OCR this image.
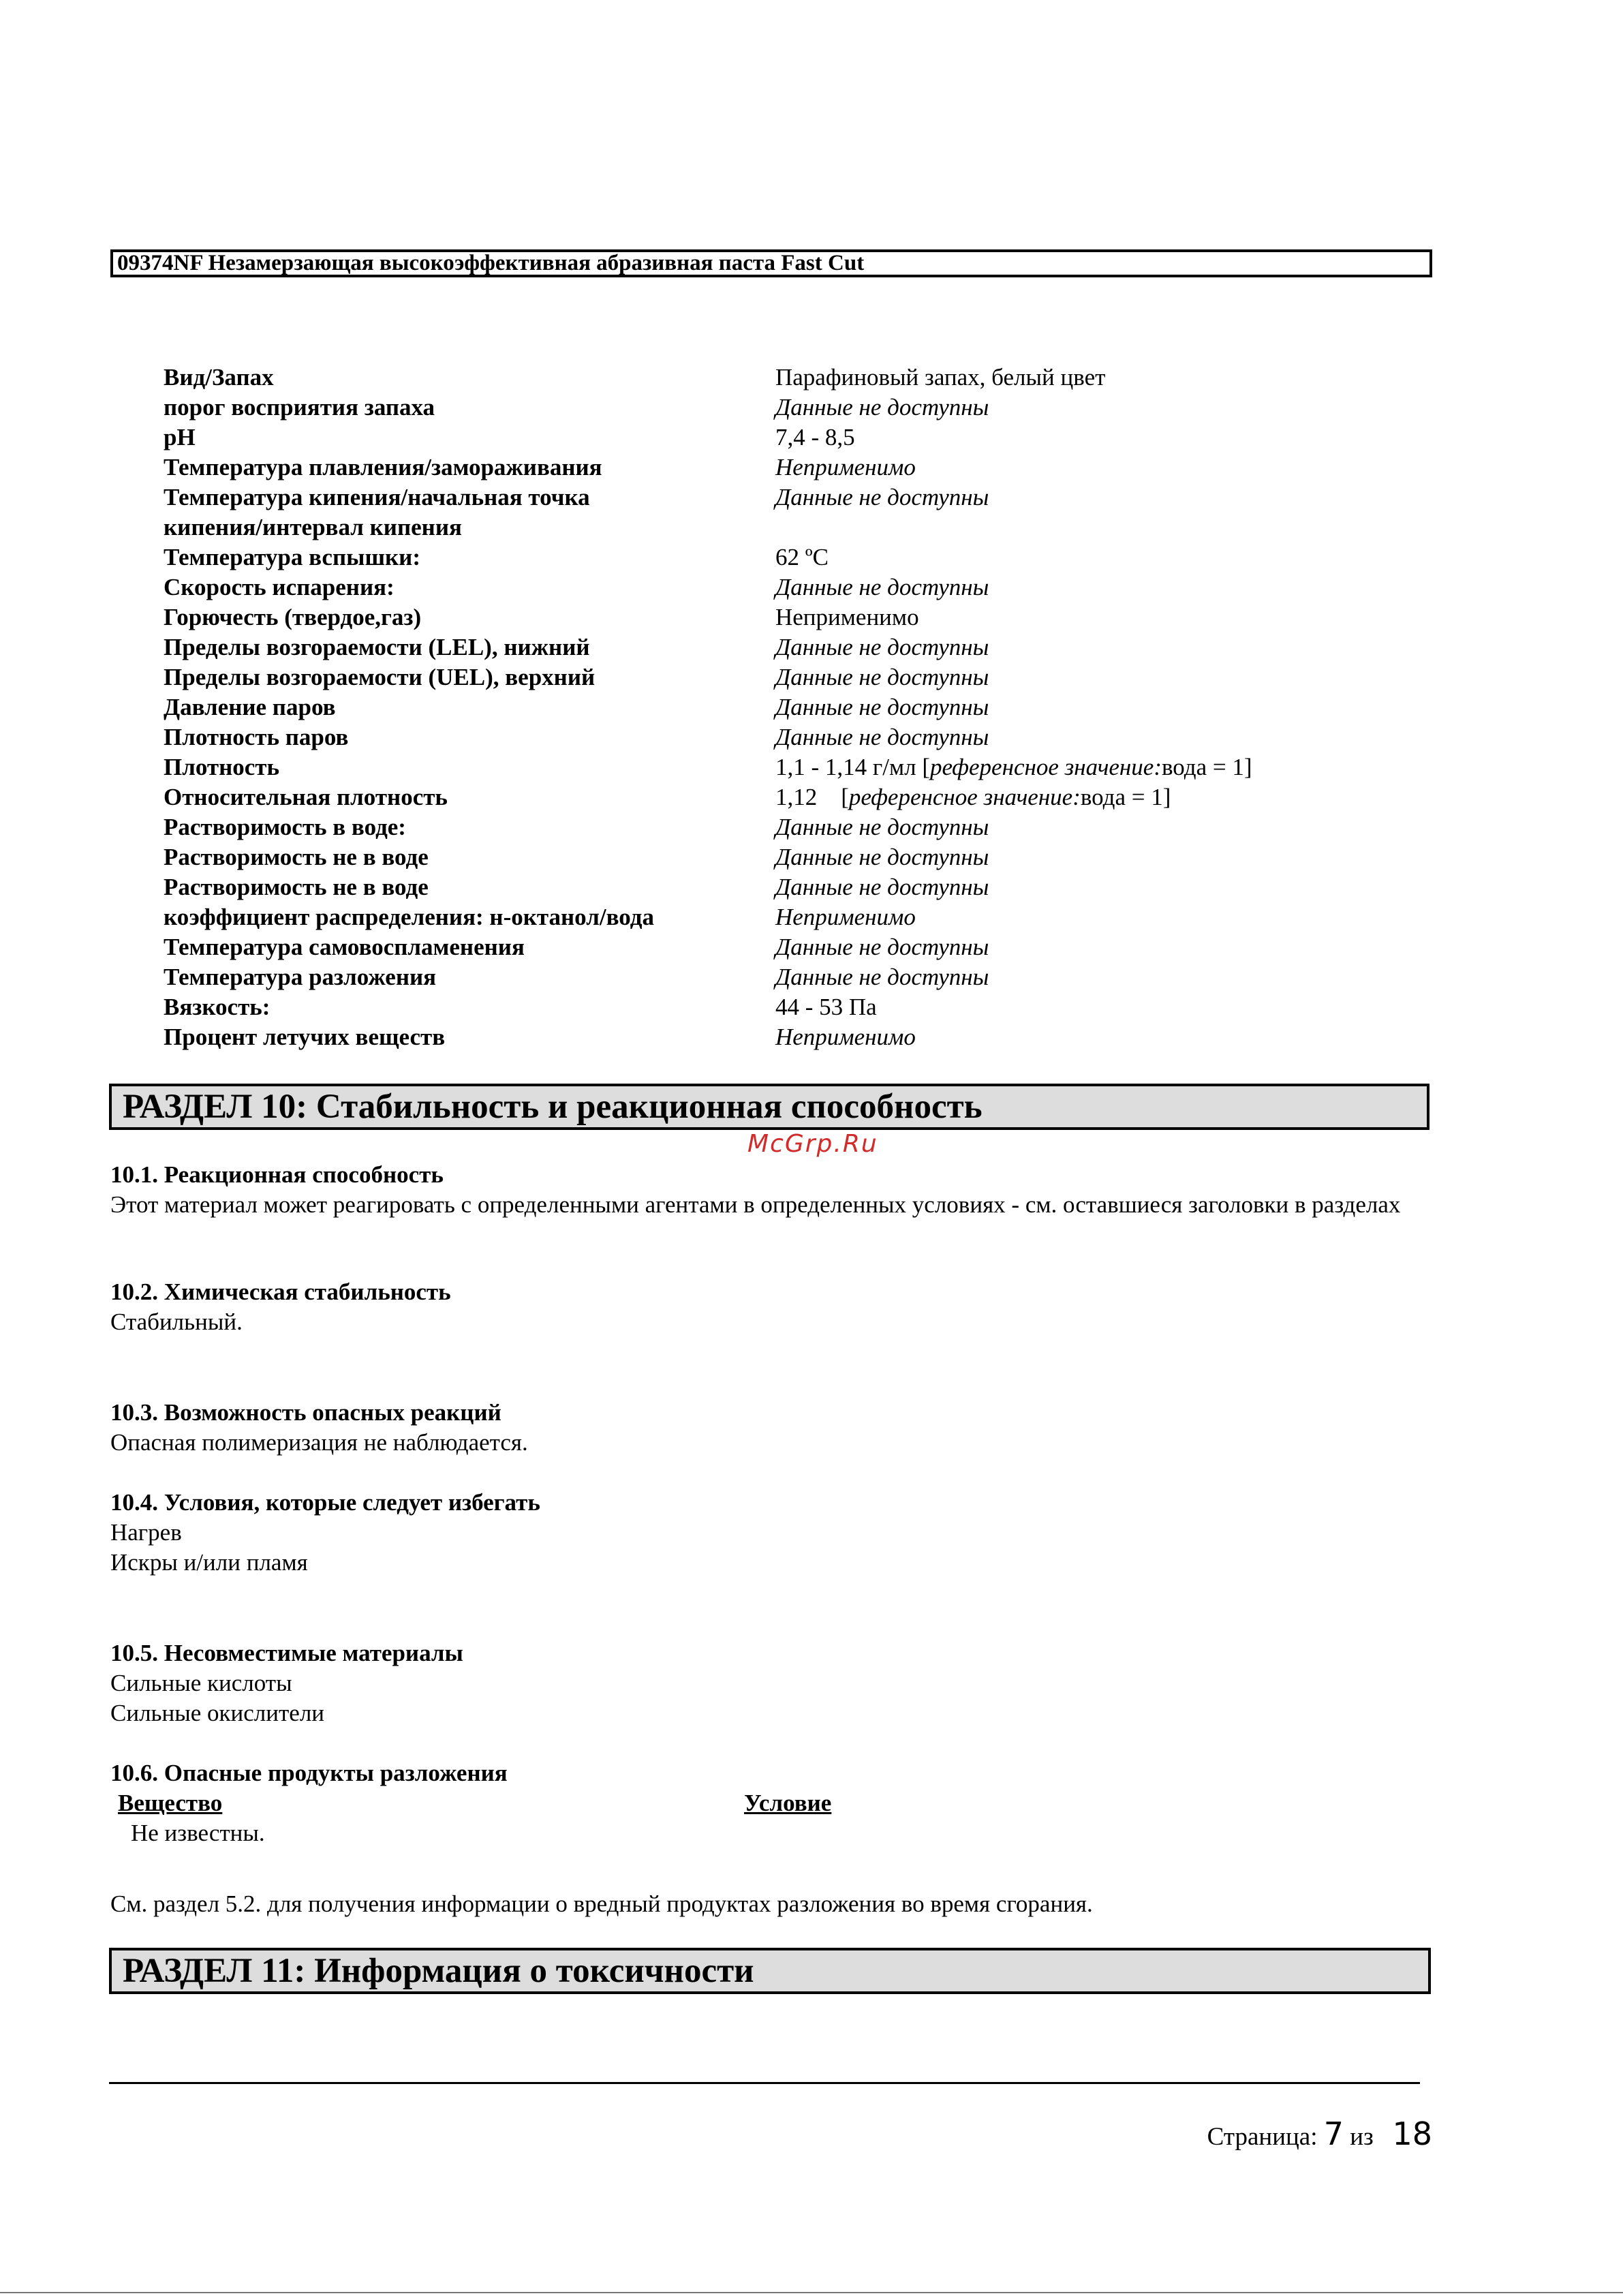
09374NF Незамерзающая высокоэффективная абразивная паста Fast Cut
Вид/Запах	Парафиновый запах, белый цвет
порог восприятия запаха	Данные не доступны
pH	7,4 - 8,5
Температура плавления/замораживания	Неприменимо
Температура кипения/начальная точка	Данные не доступны
кипения/интервал кипения
Температура вспышки:	62 ºC
Скорость испарения:	Данные не доступны
Горючесть (твердое,газ)	Неприменимо
Пределы возгораемости (LEL), нижний	Данные не доступны
Пределы возгораемости (UEL), верхний	Данные не доступны
Давление паров	Данные не доступны
Плотность паров	Данные не доступны
Плотность	1,1 - 1,14 г/мл [референсное значение:вода = 1]
Относительная плотность	1,12    [референсное значение:вода = 1]
Растворимость в воде:	Данные не доступны
Растворимость не в воде	Данные не доступны
Растворимость не в воде	Данные не доступны
коэффициент распределения: н-октанол/вода	Неприменимо
Температура самовоспламенения	Данные не доступны
Температура разложения	Данные не доступны
Вязкость:	44 - 53 Па
Процент летучих веществ	Неприменимо
РАЗДЕЛ 10: Стабильность и реакционная способность
McGrp.Ru
10.1. Реакционная способность
Этот материал может реагировать с определенными агентами в определенных условиях - см. оставшиеся заголовки в разделах
10.2. Химическая стабильность
Стабильный.
10.3. Возможность опасных реакций
Опасная полимеризация не наблюдается.
10.4. Условия, которые следует избегать
Нагрев
Искры и/или пламя
10.5. Несовместимые материалы
Сильные кислоты
Сильные окислители
10.6. Опасные продукты разложения
Вещество	Условие
Не известны.
См. раздел 5.2. для получения информации о вредный продуктах разложения во время сгорания.
РАЗДЕЛ 11: Информация о токсичности
Страница: 7 из 18
